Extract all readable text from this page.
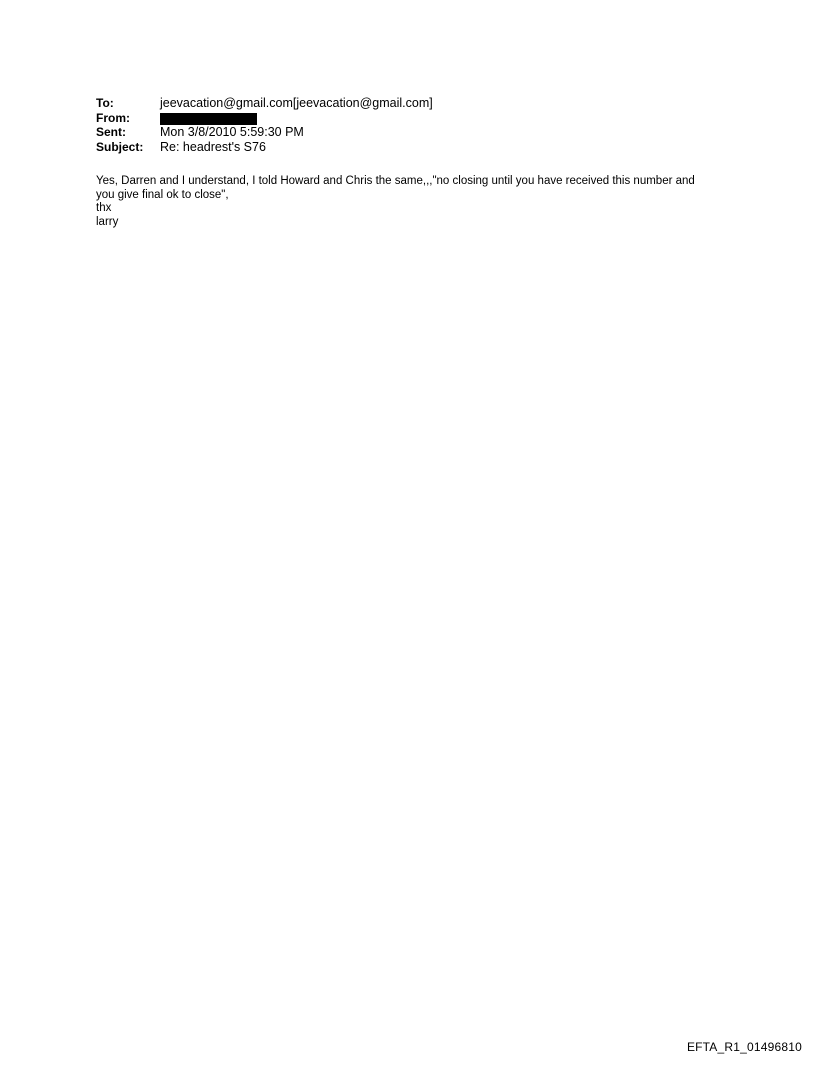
To:	jeevacation@gmail.com[jeevacation@gmail.com]
From:
Sent:	Mon 3/8/2010 5:59:30 PM
Subject:	Re: headrest's S76

Yes, Darren and I understand, I told Howard and Chris the same,,,"no closing until you have received this number and you give final ok to close",

thx

larry

EFTA_R1_01496810
